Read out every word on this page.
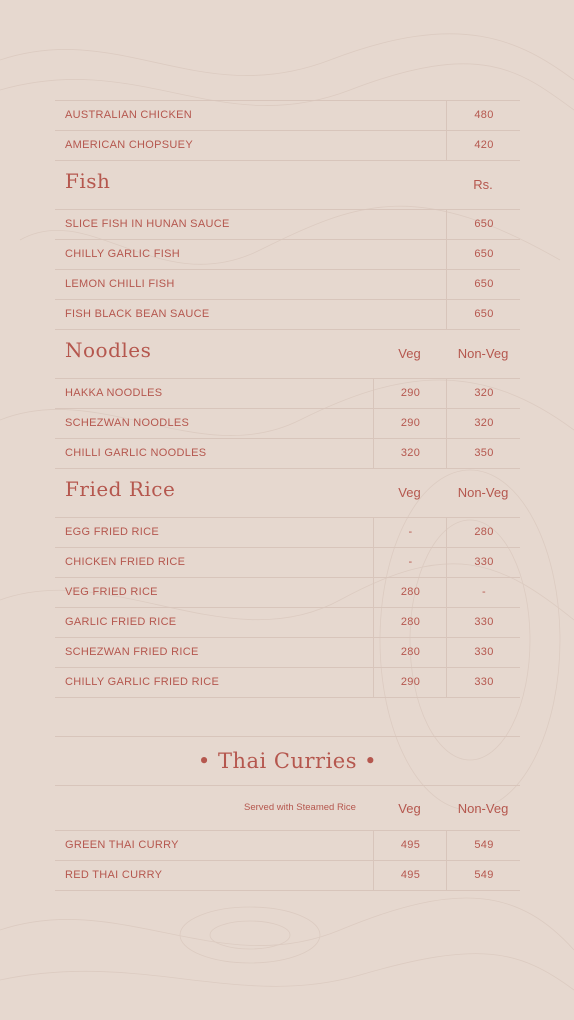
AUSTRALIAN CHICKEN	480
AMERICAN CHOPSUEY	420
Fish	Rs.
SLICE FISH IN HUNAN SAUCE	650
CHILLY GARLIC FISH	650
LEMON CHILLI FISH	650
FISH BLACK BEAN SAUCE	650
Noodles	Veg	Non-Veg
HAKKA NOODLES	290	320
SCHEZWAN NOODLES	290	320
CHILLI GARLIC NOODLES	320	350
Fried Rice	Veg	Non-Veg
EGG FRIED RICE	-	280
CHICKEN FRIED RICE	-	330
VEG FRIED RICE	280	-
GARLIC FRIED RICE	280	330
SCHEZWAN FRIED RICE	280	330
CHILLY GARLIC FRIED RICE	290	330
• Thai Curries •
Served with Steamed Rice	Veg	Non-Veg
GREEN THAI CURRY	495	549
RED THAI CURRY	495	549
